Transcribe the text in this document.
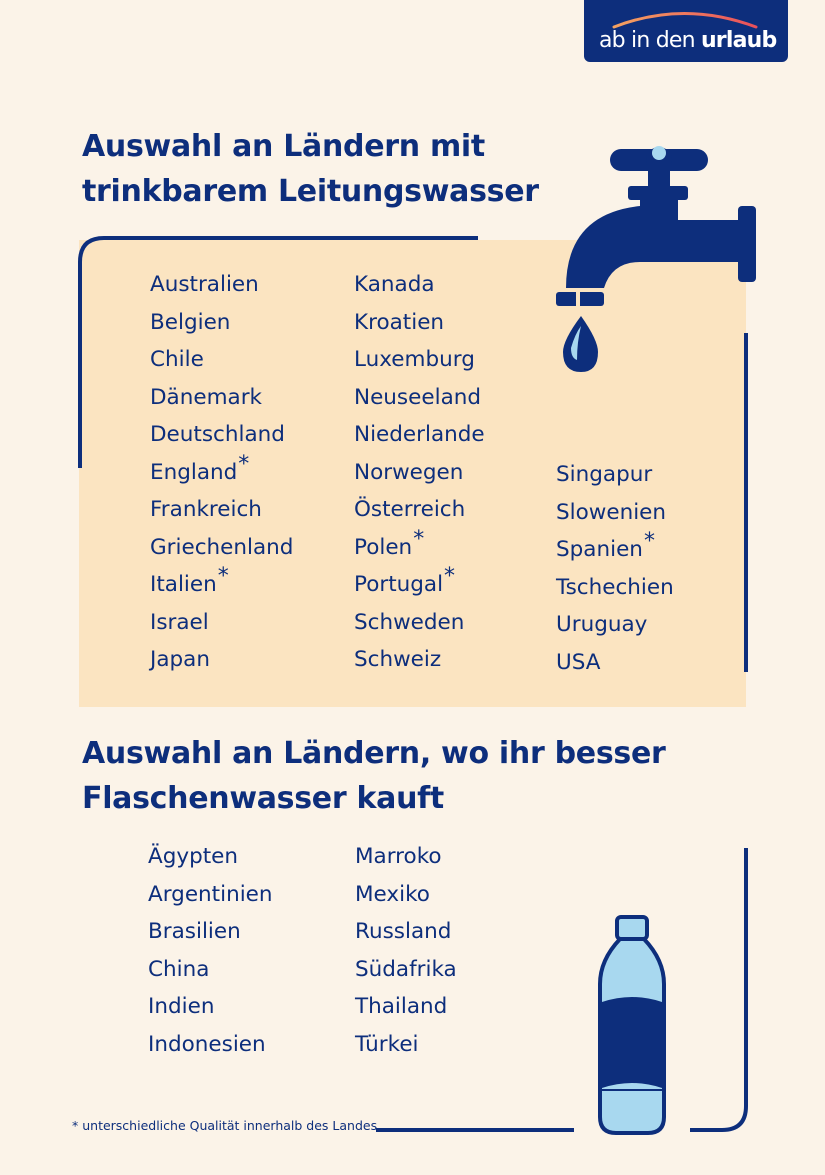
ab in den urlaub
Auswahl an Ländern mit
trinkbarem Leitungswasser
Australien
Belgien
Chile
Dänemark
Deutschland
England*
Frankreich
Griechenland
Italien*
Israel
Japan
Kanada
Kroatien
Luxemburg
Neuseeland
Niederlande
Norwegen
Österreich
Polen*
Portugal*
Schweden
Schweiz
Singapur
Slowenien
Spanien*
Tschechien
Uruguay
USA
Auswahl an Ländern, wo ihr besser
Flaschenwasser kauft
Ägypten
Argentinien
Brasilien
China
Indien
Indonesien
Marroko
Mexiko
Russland
Südafrika
Thailand
Türkei
* unterschiedliche Qualität innerhalb des Landes
